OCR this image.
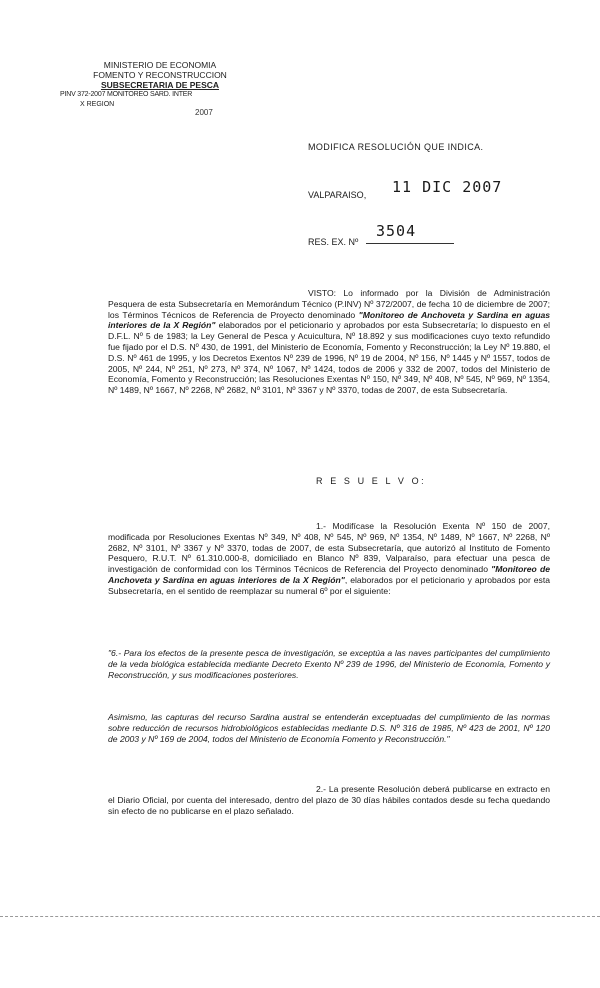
MINISTERIO DE ECONOMIA
FOMENTO Y RECONSTRUCCION
SUBSECRETARIA DE PESCA
PINV 372-2007 MONITOREO SARD. INTER
X REGION
2007
MODIFICA RESOLUCIÓN QUE INDICA.
VALPARAISO, 11 DIC 2007
RES. EX. Nº
3504
VISTO: Lo informado por la División de Administración Pesquera de esta Subsecretaría en Memorándum Técnico (P.INV) Nº 372/2007, de fecha 10 de diciembre de 2007; los Términos Técnicos de Referencia de Proyecto denominado "Monitoreo de Anchoveta y Sardina en aguas interiores de la X Región" elaborados por el peticionario y aprobados por esta Subsecretaría; lo dispuesto en el D.F.L. Nº 5 de 1983; la Ley General de Pesca y Acuicultura, Nº 18.892 y sus modificaciones cuyo texto refundido fue fijado por el D.S. Nº 430, de 1991, del Ministerio de Economía, Fomento y Reconstrucción; la Ley Nº 19.880, el D.S. Nº 461 de 1995, y los Decretos Exentos Nº 239 de 1996, Nº 19 de 2004, Nº 156, Nº 1445 y Nº 1557, todos de 2005, Nº 244, Nº 251, Nº 273, Nº 374, Nº 1067, Nº 1424, todos de 2006 y 332 de 2007, todos del Ministerio de Economía, Fomento y Reconstrucción; las Resoluciones Exentas Nº 150, Nº 349, Nº 408, Nº 545, Nº 969, Nº 1354, Nº 1489, Nº 1667, Nº 2268, Nº 2682, Nº 3101, Nº 3367 y Nº 3370, todas de 2007, de esta Subsecretaría.
R E S U E L V O:
1.- Modifícase la Resolución Exenta Nº 150 de 2007, modificada por Resoluciones Exentas Nº 349, Nº 408, Nº 545, Nº 969, Nº 1354, Nº 1489, Nº 1667, Nº 2268, Nº 2682, Nº 3101, Nº 3367 y Nº 3370, todas de 2007, de esta Subsecretaría, que autorizó al Instituto de Fomento Pesquero, R.U.T. Nº 61.310.000-8, domiciliado en Blanco Nº 839, Valparaíso, para efectuar una pesca de investigación de conformidad con los Términos Técnicos de Referencia del Proyecto denominado "Monitoreo de Anchoveta y Sardina en aguas interiores de la X Región", elaborados por el peticionario y aprobados por esta Subsecretaría, en el sentido de reemplazar su numeral 6º por el siguiente:
"6.- Para los efectos de la presente pesca de investigación, se exceptúa a las naves participantes del cumplimiento de la veda biológica establecida mediante Decreto Exento Nº 239 de 1996, del Ministerio de Economía, Fomento y Reconstrucción, y sus modificaciones posteriores.
Asimismo, las capturas del recurso Sardina austral se entenderán exceptuadas del cumplimiento de las normas sobre reducción de recursos hidrobiológicos establecidas mediante D.S. Nº 316 de 1985, Nº 423 de 2001, Nº 120 de 2003 y Nº 169 de 2004, todos del Ministerio de Economía Fomento y Reconstrucción."
2.- La presente Resolución deberá publicarse en extracto en el Diario Oficial, por cuenta del interesado, dentro del plazo de 30 días hábiles contados desde su fecha quedando sin efecto de no publicarse en el plazo señalado.
